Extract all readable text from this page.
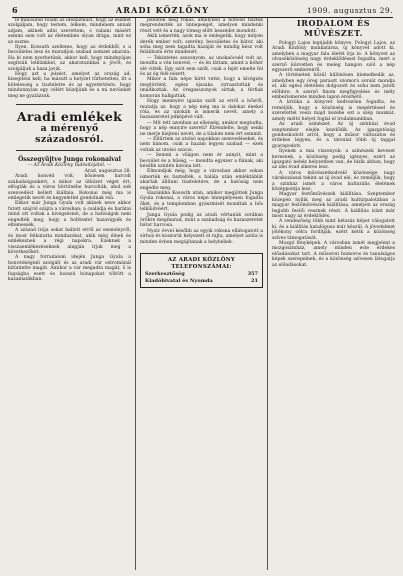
6	ARADI KÖZLÖNY	1909. augusztus 29.

le minosítsd rólam az idealizmust, hogy az eszmét szolgáljam, hogy testem, lelkem, mindenem annak adjam, akinek adni szerettem, s valami másért semmi sem volt az életemben olyan drága, mint ez az eszme.

Ilyen, Kossuth szelleme, hogy az érdekből, s a becsületes lesz és maradjon szabad nemzet akarata. Ha ki nem nyerhetünk, akkor kell, hogy mindnyájan segítsük lelkünkkel, az akaratunkkal a jövőt, és szolgáljuk a haza javát.

Hogy azt a jelzést, amelyet az ország ad, kisegíteni kell; ha másutt a helyzet tűrhetetlen, itt a kötelesség a tiszteletre és az egyetértésre, hogy mindannyian egy célért küzdjünk és a mi nevünket meg ne gyalázzuk.

Aradi emlékek
a mérenyő századosról.
Összegyűjtve Junga rokonaival
— Az Aradi Közlöny tudósítójától. —
Arad, augusztus 28.

Aradi honvéd volt, hősiesen harcolt szabadságunkért, s mikor az ütközet véget ért, elfogták és a város börtönébe hurcolták, ahol sok szenvedést kellett kiállnia. Rokonai még ma is emlegetik nevét és kegyelettel gondolnak reá.

Ekkor már Junga Gyula volt akinek neve akkor futott szájról szájra a városban; a családja és barátai mind ott voltak a kivégzésnél, de a hatóságok nem engedték meg, hogy a holttestet hazavigyék és eltemessék.

A század írója sokat hallott erről az eseményről, és most felkutatta mindazokat, akik még élnek és emlékeznek a régi napokra. Ezeknek a visszaemlékezéseknek alapján írjuk meg a következőket.

A nagy forradalom idején Junga Gyula a honvédségnél szolgált és az aradi vár ostrománál kitüntette magát. Amikor a vár megadta magát, ő is fogságba esett és hosszú hónapokat töltött a kazamatákban.

jelentek meg rókás, amelyben a honvéd tisztek megrendezték az ünnepséget, amelyen mindenki részt vett és a nagy tömeg előtt beszédet mondott.

Akik ismerték, azok ma is emlegetik, hogy milyen derék ember volt; szerény, becsületes és bátor, aki soha meg nem tagadta hazáját és mindig kész volt feláldozni érte mindenét.

— Tekintetes asszonyom, az unokaöcséd volt az, mondta a vén honvéd, — és én láttam, amint a hóhér elé vitték. Egy szót sem szólt, csak a fejét emelte fel és az ég felé nézett.

Mikor a falu népe hírét vette, hogy a kivégzés megtörtént, egész éjszaka virrasztottak és imádkoztak. Az öregasszonyok sírtak, a férfiak komoran hallgattak.

Hogy mennyire igazán szólt az erről a hősről, mutatja az, hogy a nép még ma is dalokat énekel róla, és az unokák is ismerik nevét, amely a hazaszeretet jelképévé vált.

— Mit tett azonban az ellenség, amikor megtudta, hogy a nép ennyire szereti? Elrendelte, hogy senki ne merje kiejteni nevét, de a tilalom nem ért semmit.

— Eltűrtem az utolsó napokban szenvedéseket, és nem bánom, csak a hazám legyen szabad — ezek voltak az utolsó szavai.

— Semmi a világon nem ér annyit, mint a becsület és a hűség, — mondta egyszer a fiának, aki később szintén katona lett.

Elmondjuk még, hogy a városban akkor sokan ismerték és tisztelték, s halála után emléktáblát akartak állítani tiszteletére, de a hatóság nem engedte meg.

Hazánkba Kossuth után, amikor megjöttek Junga Gyula rokonai, a város népe ünnepélyesen fogadta őket, és a templomban gyászmisét mondtak a hős lelkiüdvéért.

Junga Gyula pedig az aradi vértanúk sorában örökre megmarad, mint a szabadság és hazaszeretet bátor harcosa.

Nyolc évvel később az egyik rokona ellátogatott a sírhoz és koszorút helyezett el rajta, amelyet azóta is minden évben megújítanak a helybeliek.

AZ ARADI KÖZLÖNY TELEFONSZÁMAI:
Szerkesztőség	357
Kiadóhivatal és Nyomda	21
IRODALOM ÉS MŰVÉSZET.

Pologyi Lajos legújabb könyve. Pologyi Lajos, az Aradi Közlöny munkatársa, új könyvet adott ki, amelyben a magyar falu életét írja le. A könyvet az olvasóközönség nagy érdeklődéssel fogadta, mert a szerző közvetlen és meleg hangon szól a nép egyszerű embereiről.

A történetek közül különösen kiemelkedik az, amelyben egy öreg paraszt szomorú sorsát mondja el, aki egész életében dolgozott és soha nem jutott előbbre. A szerző finom megfigyelése és mély emberismerete minden lapon érezhető.

A kritika a könyvet kedvezően fogadta, és reméljük, hogy a közönség is megértéssel és szeretettel veszi majd kezébe ezt a szép munkát, amely méltó helyet foglal el irodalmunkban.

Az aradi színészet. Az új színházi évad szeptember elején kezdődik. Az igazgatóság gondoskodott arról, hogy a műsor változatos és érdekes legyen, és a társulat több új taggal gyarapodott.

Ilyenek a mai viszonyok: a színészek keveset keresnek, a közönség pedig igényes, ezért az igazgató nehéz helyzetben van, de bízik abban, hogy az idei évad sikeres lesz.

A város művészetkedvelő közönsége nagy várakozással tekint az új évad elé, és reméljük, hogy a színház ismét a város kulturális életének középpontja lesz.

Magyar festőművészek kiállítása. Szeptember közepén nyílik meg az aradi kultúrpalotában a magyar festőművészek kiállítása, amelyen az ország legjobb festői vesznek részt. A kiállítás iránt már most nagy az érdeklődés.

A rendezőség több mint kétszáz képet válogatott ki, és a kiállítás katalógusa már készül. A jövedelmet jótékony célra fordítják, ezért kérik a közönség szíves támogatását.

Mozgó fényképek. A városban ismét megjelent a mozgószínház, amely minden este érdekes előadásokat tart. A műsoron humoros és tanulságos képek szerepelnek, és a közönség szívesen látogatja az előadásokat.
